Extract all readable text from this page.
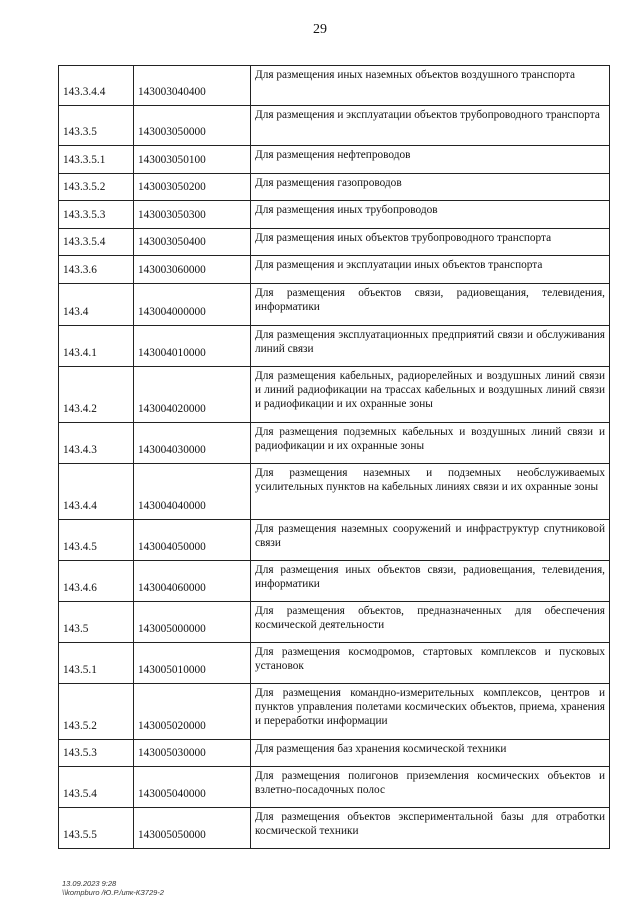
29
143.3.4.4	143003040400	Для размещения иных наземных объектов воздушного транспорта
143.3.5	143003050000	Для размещения и эксплуатации объектов трубопроводного транспорта
143.3.5.1	143003050100	Для размещения нефтепроводов
143.3.5.2	143003050200	Для размещения газопроводов
143.3.5.3	143003050300	Для размещения иных трубопроводов
143.3.5.4	143003050400	Для размещения иных объектов трубопроводного транспорта
143.3.6	143003060000	Для размещения и эксплуатации иных объектов транспорта
143.4	143004000000	Для размещения объектов связи, радиовещания, телевидения, информатики
143.4.1	143004010000	Для размещения эксплуатационных предприятий связи и обслуживания линий связи
143.4.2	143004020000	Для размещения кабельных, радиорелейных и воздушных линий связи и линий радиофикации на трассах кабельных и воздушных линий связи и радиофикации и их охранные зоны
143.4.3	143004030000	Для размещения подземных кабельных и воздушных линий связи и радиофикации и их охранные зоны
143.4.4	143004040000	Для размещения наземных и подземных необслуживаемых усилительных пунктов на кабельных линиях связи и их охранные зоны
143.4.5	143004050000	Для размещения наземных сооружений и инфраструктур спутниковой связи
143.4.6	143004060000	Для размещения иных объектов связи, радиовещания, телевидения, информатики
143.5	143005000000	Для размещения объектов, предназначенных для обеспечения космической деятельности
143.5.1	143005010000	Для размещения космодромов, стартовых комплексов и пусковых установок
143.5.2	143005020000	Для размещения командно-измерительных комплексов, центров и пунктов управления полетами космических объектов, приема, хранения и переработки информации
143.5.3	143005030000	Для размещения баз хранения космической техники
143.5.4	143005040000	Для размещения полигонов приземления космических объектов и взлетно-посадочных полос
143.5.5	143005050000	Для размещения объектов экспериментальной базы для отработки космической техники
13.09.2023 9:28
\\kompburo /Ю.Р./ипк-КЗ729-2
